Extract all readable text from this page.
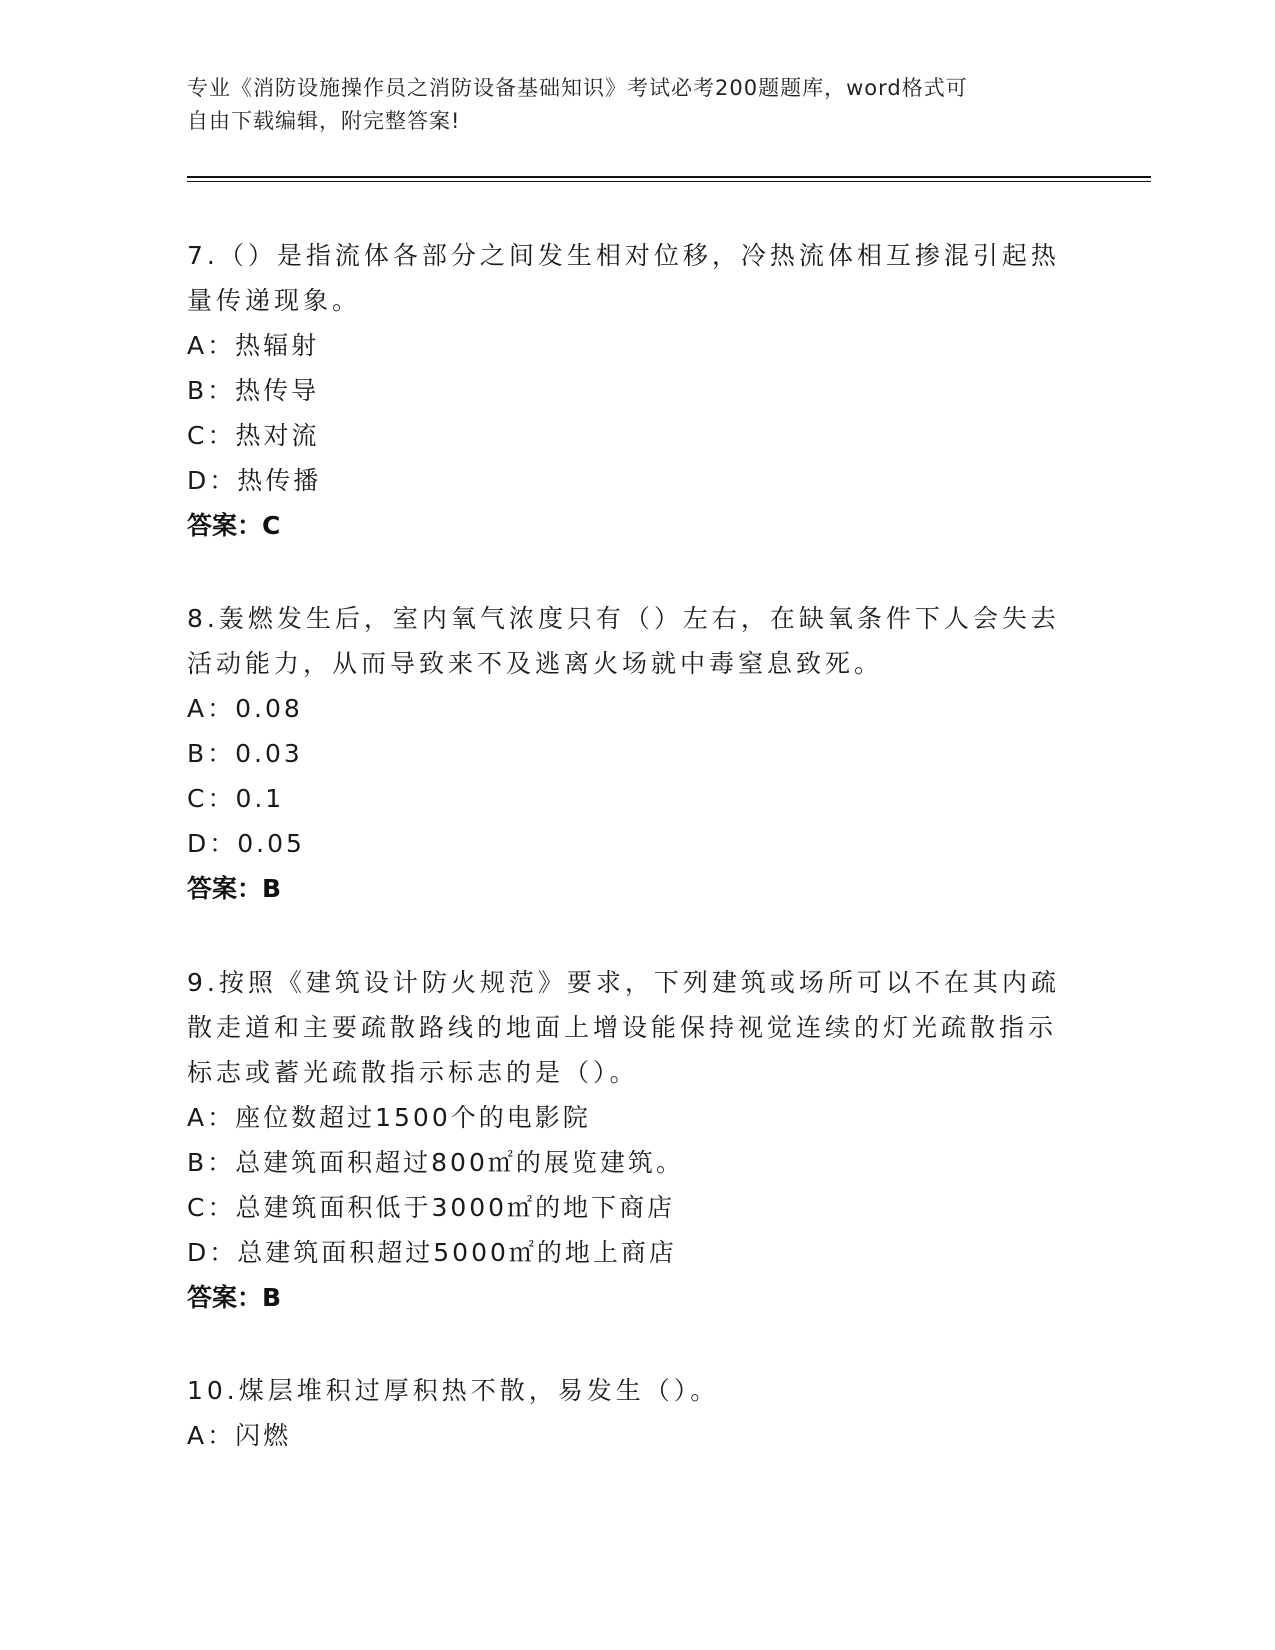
专业《消防设施操作员之消防设备基础知识》考试必考200题题库，word格式可
自由下载编辑，附完整答案!
7.（）是指流体各部分之间发生相对位移，冷热流体相互掺混引起热量传递现象。
A：热辐射
B：热传导
C：热对流
D：热传播
答案：C
8.轰燃发生后，室内氧气浓度只有（）左右，在缺氧条件下人会失去活动能力，从而导致来不及逃离火场就中毒窒息致死。
A：0.08
B：0.03
C：0.1
D：0.05
答案：B
9.按照《建筑设计防火规范》要求，下列建筑或场所可以不在其内疏散走道和主要疏散路线的地面上增设能保持视觉连续的灯光疏散指示标志或蓄光疏散指示标志的是（）。
A：座位数超过1500个的电影院
B：总建筑面积超过800㎡的展览建筑。
C：总建筑面积低于3000㎡的地下商店
D：总建筑面积超过5000㎡的地上商店
答案：B
10.煤层堆积过厚积热不散，易发生（）。
A：闪燃
